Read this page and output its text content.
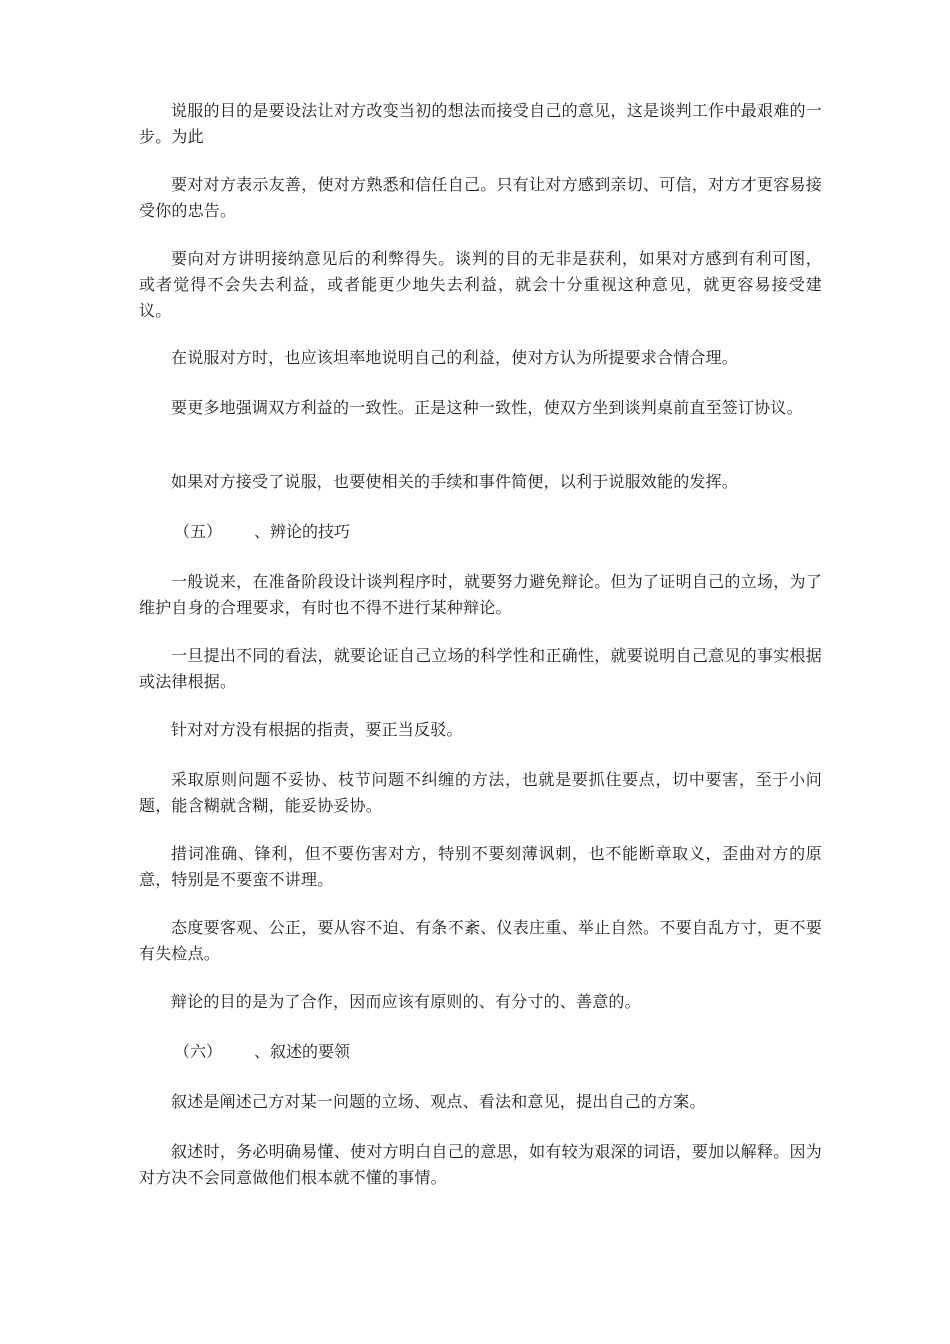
说服的目的是要设法让对方改变当初的想法而接受自己的意见，这是谈判工作中最艰难的一步。为此

要对对方表示友善，使对方熟悉和信任自己。只有让对方感到亲切、可信，对方才更容易接受你的忠告。

要向对方讲明接纳意见后的利弊得失。谈判的目的无非是获利，如果对方感到有利可图， 或者觉得不会失去利益，或者能更少地失去利益，就会十分重视这种意见，就更容易接受建 议。

在说服对方时，也应该坦率地说明自己的利益，使对方认为所提要求合情合理。

要更多地强调双方利益的一致性。正是这种一致性，使双方坐到谈判桌前直至签订协议。

如果对方接受了说服，也要使相关的手续和事件简便，以利于说服效能的发挥。

（五） 、辨论的技巧

一般说来，在准备阶段设计谈判程序时，就要努力避免辩论。但为了证明自己的立场，为了维护自身的合理要求，有时也不得不进行某种辩论。

一旦提出不同的看法，就要论证自己立场的科学性和正确性，就要说明自己意见的事实根据或法律根据。

针对对方没有根据的指责，要正当反驳。

采取原则问题不妥协、枝节问题不纠缠的方法，也就是要抓住要点，切中要害，至于小问题，能含糊就含糊，能妥协妥协。

措词准确、锋利，但不要伤害对方，特别不要刻薄讽刺，也不能断章取义，歪曲对方的原意，特别是不要蛮不讲理。

态度要客观、公正，要从容不迫、有条不紊、仪表庄重、举止自然。不要自乱方寸，更不要有失检点。

辩论的目的是为了合作，因而应该有原则的、有分寸的、善意的。

（六） 、叙述的要领

叙述是阐述己方对某一问题的立场、观点、看法和意见，提出自己的方案。

叙述时，务必明确易懂、使对方明白自己的意思，如有较为艰深的词语，要加以解释。因为对方决不会同意做他们根本就不懂的事情。
